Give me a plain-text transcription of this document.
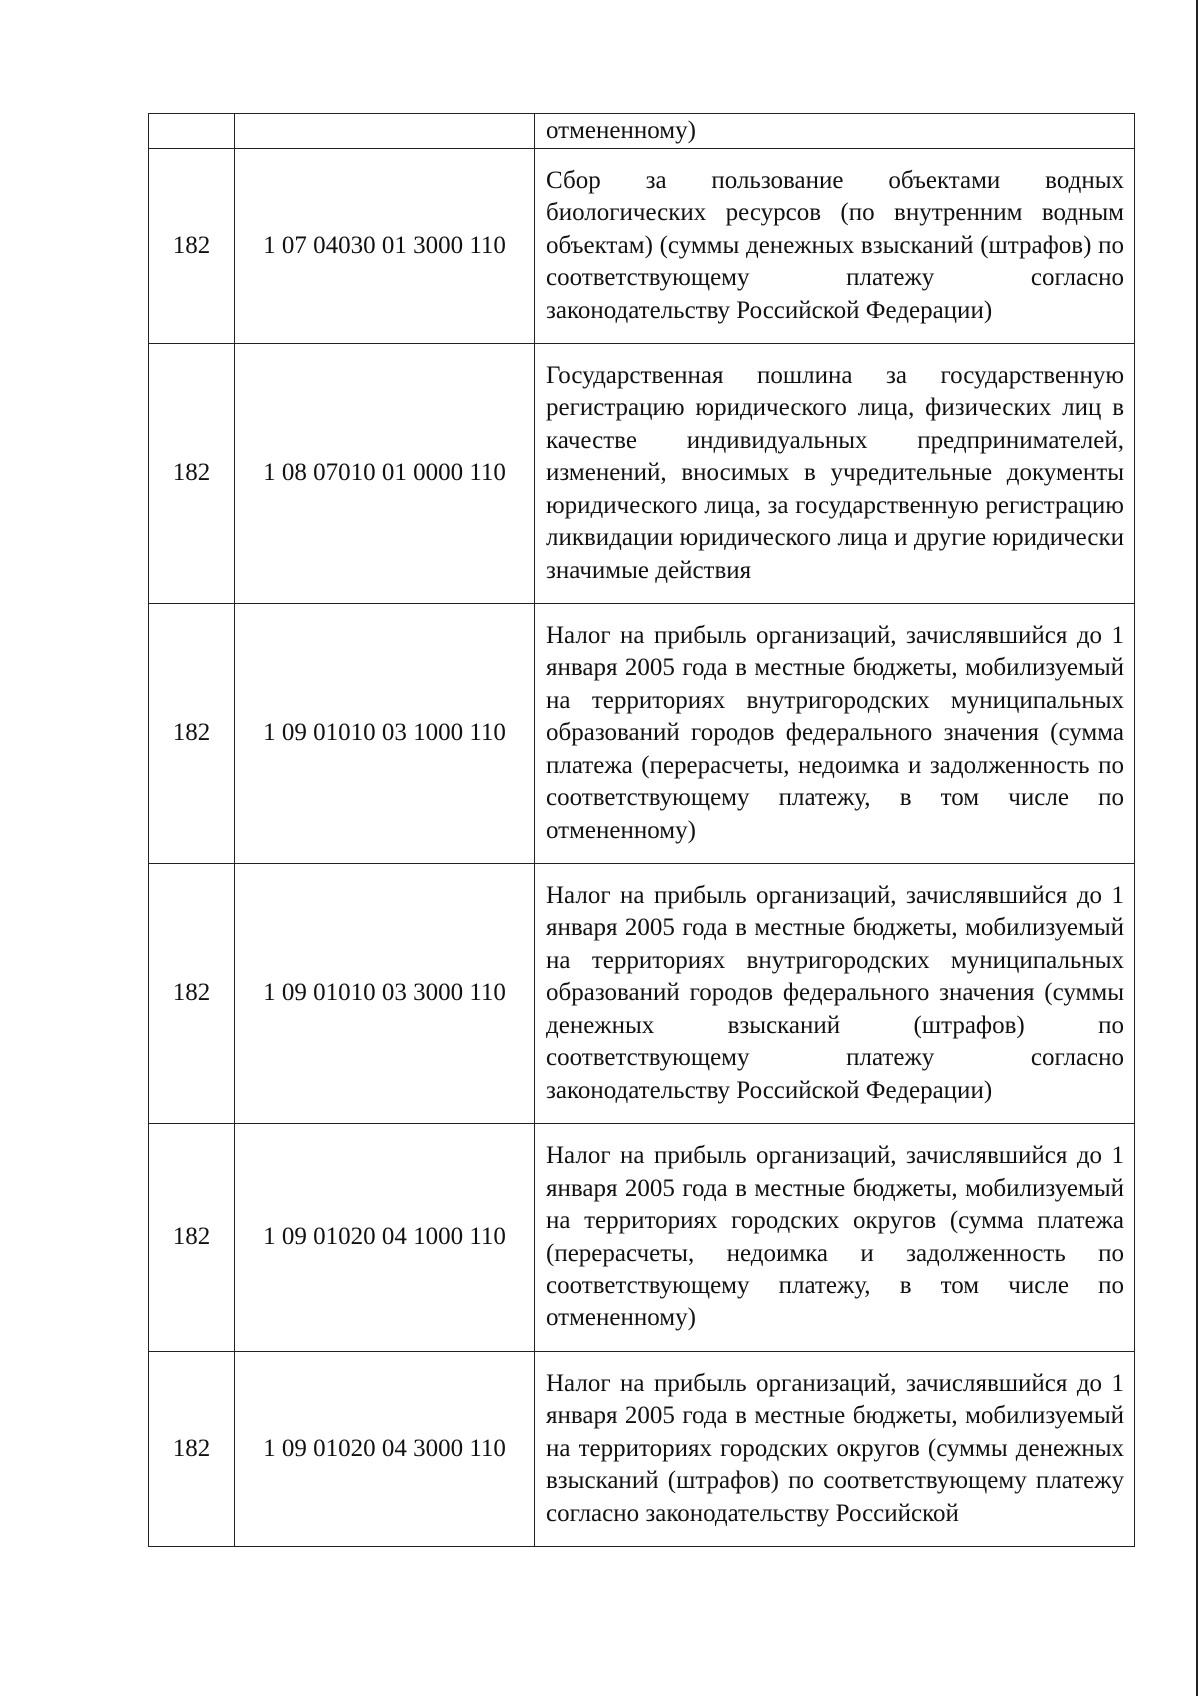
		отмененному)
182	1 07 04030 01 3000 110	Сбор за пользование объектами водных биологических ресурсов (по внутренним водным объектам) (суммы денежных взысканий (штрафов) по соответствующему платежу согласно законодательству Российской Федерации)
182	1 08 07010 01 0000 110	Государственная пошлина за государственную регистрацию юридического лица, физических лиц в качестве индивидуальных предпринимателей, изменений, вносимых в учредительные документы юридического лица, за государственную регистрацию ликвидации юридического лица и другие юридически значимые действия
182	1 09 01010 03 1000 110	Налог на прибыль организаций, зачислявшийся до 1 января 2005 года в местные бюджеты, мобилизуемый на территориях внутригородских муниципальных образований городов федерального значения (сумма платежа (перерасчеты, недоимка и задолженность по соответствующему платежу, в том числе по отмененному)
182	1 09 01010 03 3000 110	Налог на прибыль организаций, зачислявшийся до 1 января 2005 года в местные бюджеты, мобилизуемый на территориях внутригородских муниципальных образований городов федерального значения (суммы денежных взысканий (штрафов) по соответствующему платежу согласно законодательству Российской Федерации)
182	1 09 01020 04 1000 110	Налог на прибыль организаций, зачислявшийся до 1 января 2005 года в местные бюджеты, мобилизуемый на территориях городских округов (сумма платежа (перерасчеты, недоимка и задолженность по соответствующему платежу, в том числе по отмененному)
182	1 09 01020 04 3000 110	Налог на прибыль организаций, зачислявшийся до 1 января 2005 года в местные бюджеты, мобилизуемый на территориях городских округов (суммы денежных взысканий (штрафов) по соответствующему платежу согласно законодательству Российской
